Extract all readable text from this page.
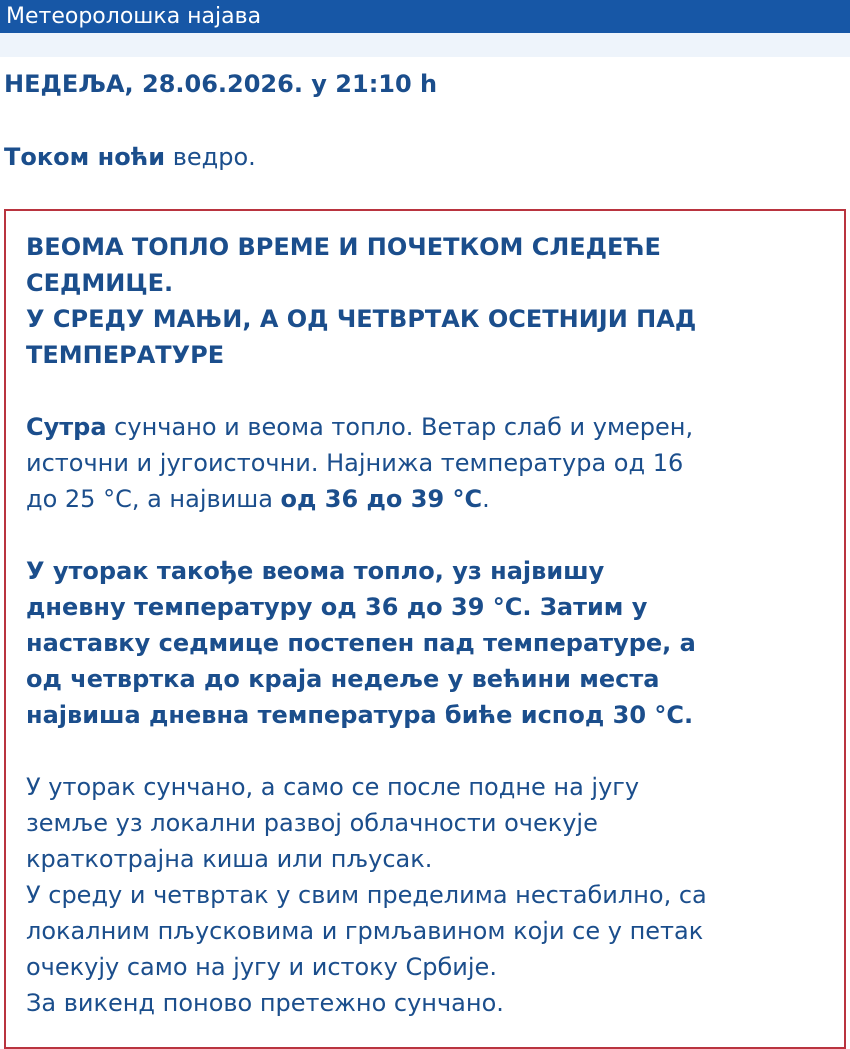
Метеоролошка најава
НЕДЕЉА, 28.06.2026. у 21:10 h
Током ноћи ведро.

ВЕОМА ТОПЛО ВРЕМЕ И ПОЧЕТКОМ СЛЕДЕЋЕ
СЕДМИЦЕ.
У СРЕДУ МАЊИ, А ОД ЧЕТВРТАК ОСЕТНИЈИ ПАД
ТЕМПЕРАТУРЕ

Сутра сунчано и веома топло. Ветар слаб и умерен,
источни и југоисточни. Најнижа температура од 16
до 25 °C, а највиша од 36 до 39 °C.

У уторак такође веома топло, уз највишу
дневну температуру од 36 до 39 °C. Затим у
наставку седмице постепен пад температуре, а
од четвртка до краја недеље у већини места
највиша дневна температура биће испод 30 °C.

У уторак сунчано, а само се после подне на југу
земље уз локални развој облачности очекује
краткотрајна киша или пљусак.
У среду и четвртак у свим пределима нестабилно, са
локалним пљусковима и грмљавином који се у петак
очекују само на југу и истоку Србије.
За викенд поново претежно сунчано.
